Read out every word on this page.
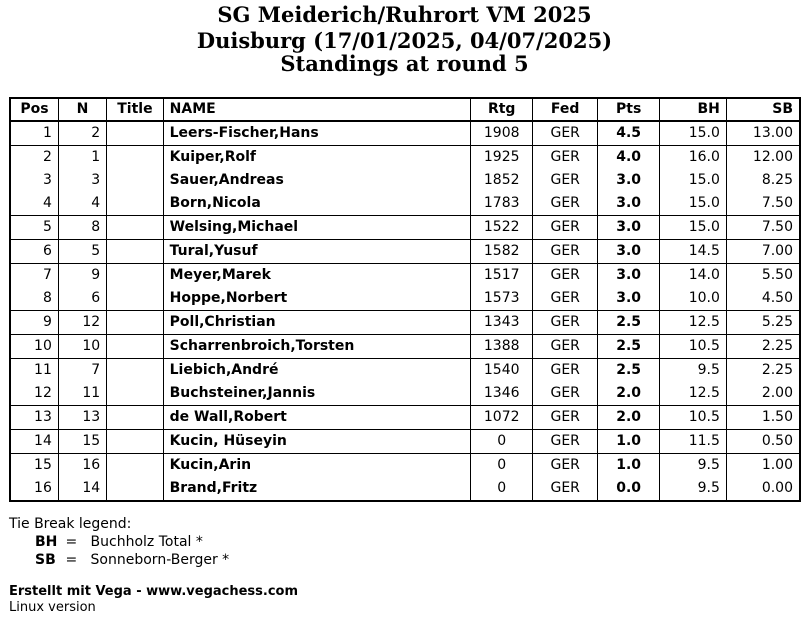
SG Meiderich/Ruhrort VM 2025
Duisburg (17/01/2025, 04/07/2025)
Standings at round 5
Pos	N	Title	NAME	Rtg	Fed	Pts	BH	SB
1	2		Leers-Fischer,Hans	1908	GER	4.5	15.0	13.00
2	1		Kuiper,Rolf	1925	GER	4.0	16.0	12.00
3	3		Sauer,Andreas	1852	GER	3.0	15.0	8.25
4	4		Born,Nicola	1783	GER	3.0	15.0	7.50
5	8		Welsing,Michael	1522	GER	3.0	15.0	7.50
6	5		Tural,Yusuf	1582	GER	3.0	14.5	7.00
7	9		Meyer,Marek	1517	GER	3.0	14.0	5.50
8	6		Hoppe,Norbert	1573	GER	3.0	10.0	4.50
9	12		Poll,Christian	1343	GER	2.5	12.5	5.25
10	10		Scharrenbroich,Torsten	1388	GER	2.5	10.5	2.25
11	7		Liebich,André	1540	GER	2.5	9.5	2.25
12	11		Buchsteiner,Jannis	1346	GER	2.0	12.5	2.00
13	13		de Wall,Robert	1072	GER	2.0	10.5	1.50
14	15		Kucin, Hüseyin	0	GER	1.0	11.5	0.50
15	16		Kucin,Arin	0	GER	1.0	9.5	1.00
16	14		Brand,Fritz	0	GER	0.0	9.5	0.00
Tie Break legend:
BH = Buchholz Total *
SB = Sonneborn-Berger *
Erstellt mit Vega - www.vegachess.com
Linux version
